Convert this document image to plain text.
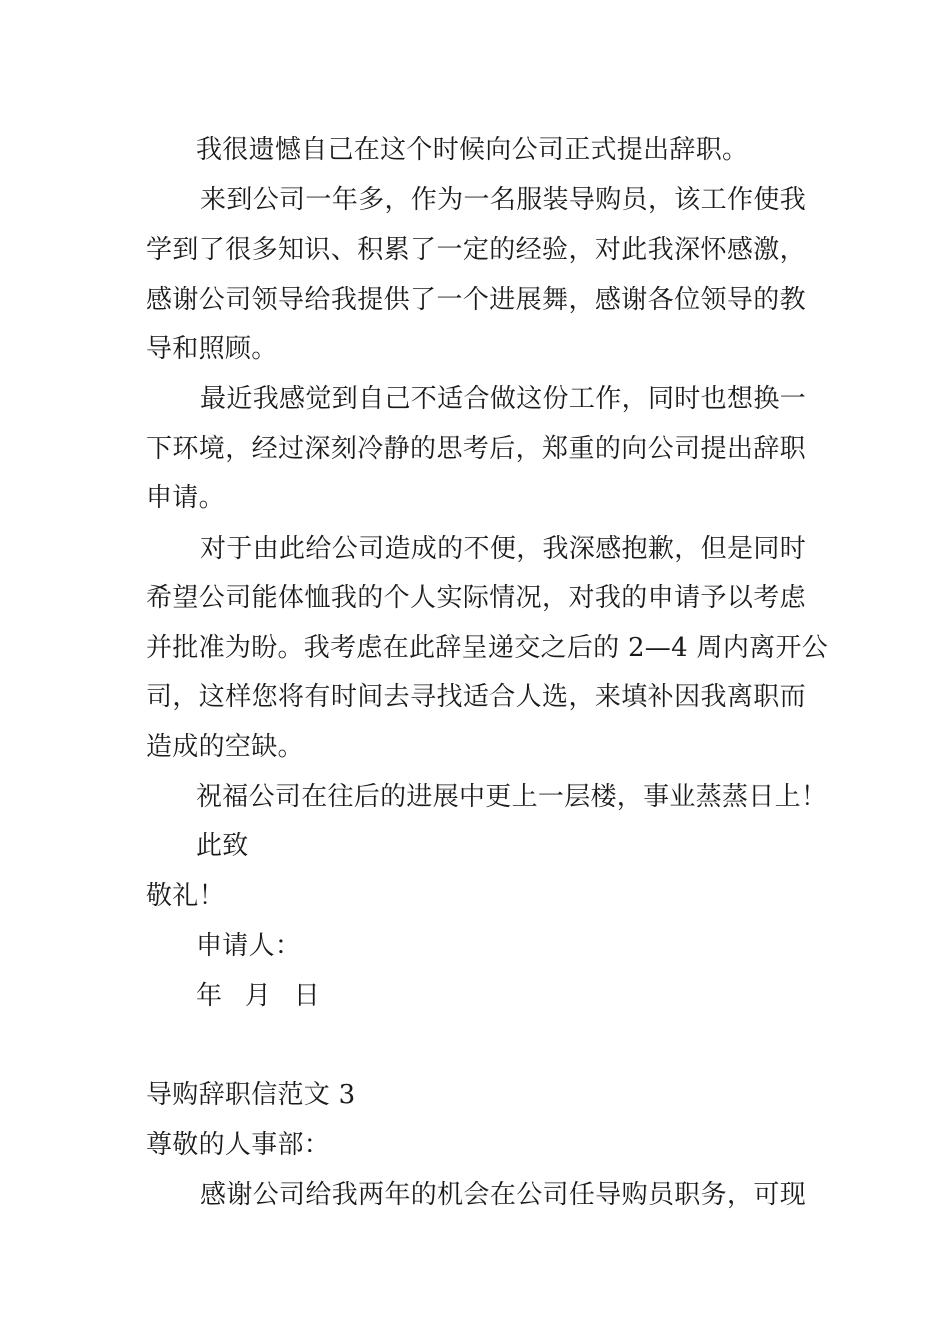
我很遗憾自己在这个时候向公司正式提出辞职。
来到公司一年多，作为一名服装导购员，该工作使我
学到了很多知识、积累了一定的经验，对此我深怀感激，
感谢公司领导给我提供了一个进展舞，感谢各位领导的教
导和照顾。
最近我感觉到自己不适合做这份工作，同时也想换一
下环境，经过深刻冷静的思考后，郑重的向公司提出辞职
申请。
对于由此给公司造成的不便，我深感抱歉，但是同时
希望公司能体恤我的个人实际情况，对我的申请予以考虑
并批准为盼。我考虑在此辞呈递交之后的 2—4 周内离开公
司，这样您将有时间去寻找适合人选，来填补因我离职而
造成的空缺。
祝福公司在往后的进展中更上一层楼，事业蒸蒸日上！
此致
敬礼！
申请人：
年 月 日
导购辞职信范文 3
尊敬的人事部：
感谢公司给我两年的机会在公司任导购员职务，可现
